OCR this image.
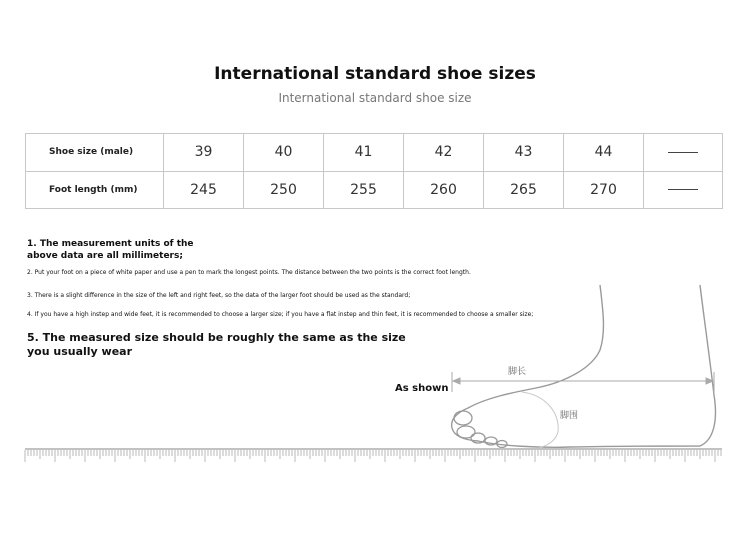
International standard shoe sizes
International standard shoe size
Shoe size (male)	39	40	41	42	43	44	
Foot length (mm)	245	250	255	260	265	270	
1. The measurement units of the above data are all millimeters;
2. Put your foot on a piece of white paper and use a pen to mark the longest points. The distance between the two points is the correct foot length.
3. There is a slight difference in the size of the left and right feet, so the data of the larger foot should be used as the standard;
4. If you have a high instep and wide feet, it is recommended to choose a larger size; if you have a flat instep and thin feet, it is recommended to choose a smaller size;
5. The measured size should be roughly the same as the size you usually wear
As shown
脚长
脚围
